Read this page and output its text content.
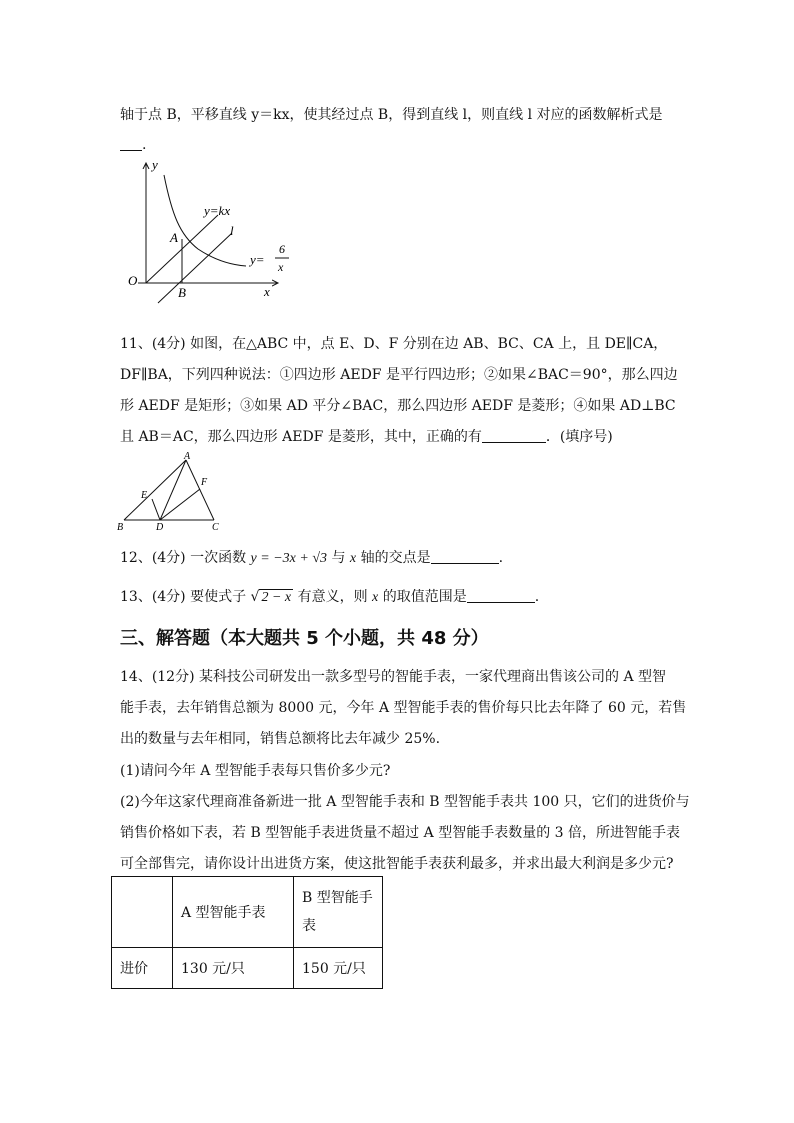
轴于点 B，平移直线 y＝kx，使其经过点 B，得到直线 l，则直线 l 对应的函数解析式是
.
y
x
O
A
B
y=kx
l
y=
6
x
11、(4分) 如图，在△ABC 中，点 E、D、F 分别在边 AB、BC、CA 上，且 DE∥CA，
DF∥BA，下列四种说法：①四边形 AEDF 是平行四边形；②如果∠BAC＝90°，那么四边
形 AEDF 是矩形；③如果 AD 平分∠BAC，那么四边形 AEDF 是菱形；④如果 AD⊥BC
且 AB＝AC，那么四边形 AEDF 是菱形，其中，正确的有	．(填序号)
A
B	C
D
E
F
12、(4分) 一次函数 y = −3x + √3 与 x 轴的交点是	.
13、(4分) 要使式子 √ 2 − x 有意义，则 x 的取值范围是	.
三、解答题（本大题共 5 个小题，共 48 分）
14、(12分) 某科技公司研发出一款多型号的智能手表，一家代理商出售该公司的 A 型智
能手表，去年销售总额为 8000 元，今年 A 型智能手表的售价每只比去年降了 60 元，若售
出的数量与去年相同，销售总额将比去年减少 25%.
(1)请问今年 A 型智能手表每只售价多少元?
(2)今年这家代理商准备新进一批 A 型智能手表和 B 型智能手表共 100 只，它们的进货价与
销售价格如下表，若 B 型智能手表进货量不超过 A 型智能手表数量的 3 倍，所进智能手表
可全部售完，请你设计出进货方案，使这批智能手表获利最多，并求出最大利润是多少元?
	A 型智能手表	B 型智能手
表
进价	130 元/只	150 元/只
